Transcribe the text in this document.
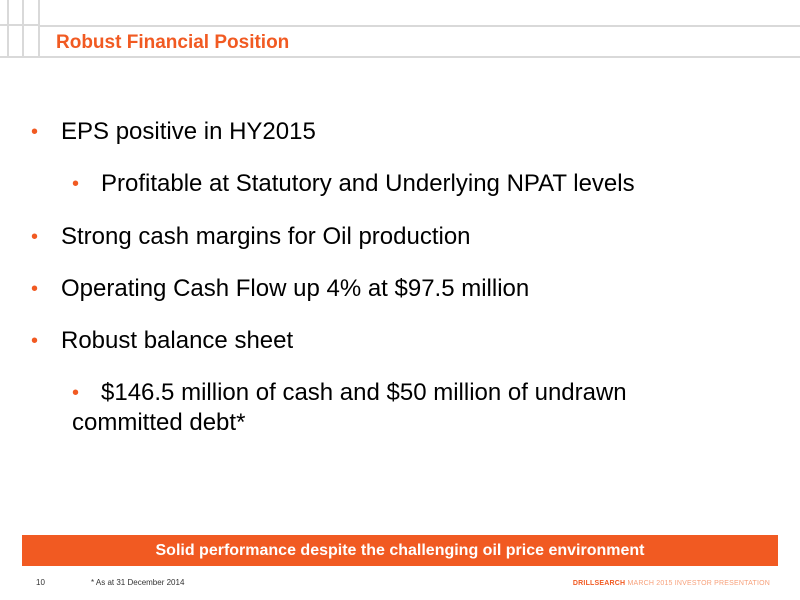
Robust Financial Position
• EPS positive in HY2015
• Profitable at Statutory and Underlying NPAT levels
• Strong cash margins for Oil production
• Operating Cash Flow up 4% at $97.5 million
• Robust balance sheet
• $146.5 million of cash and $50 million of undrawn
committed debt*
Solid performance despite the challenging oil price environment
10	* As at 31 December 2014	DRILLSEARCH MARCH 2015 INVESTOR PRESENTATION
